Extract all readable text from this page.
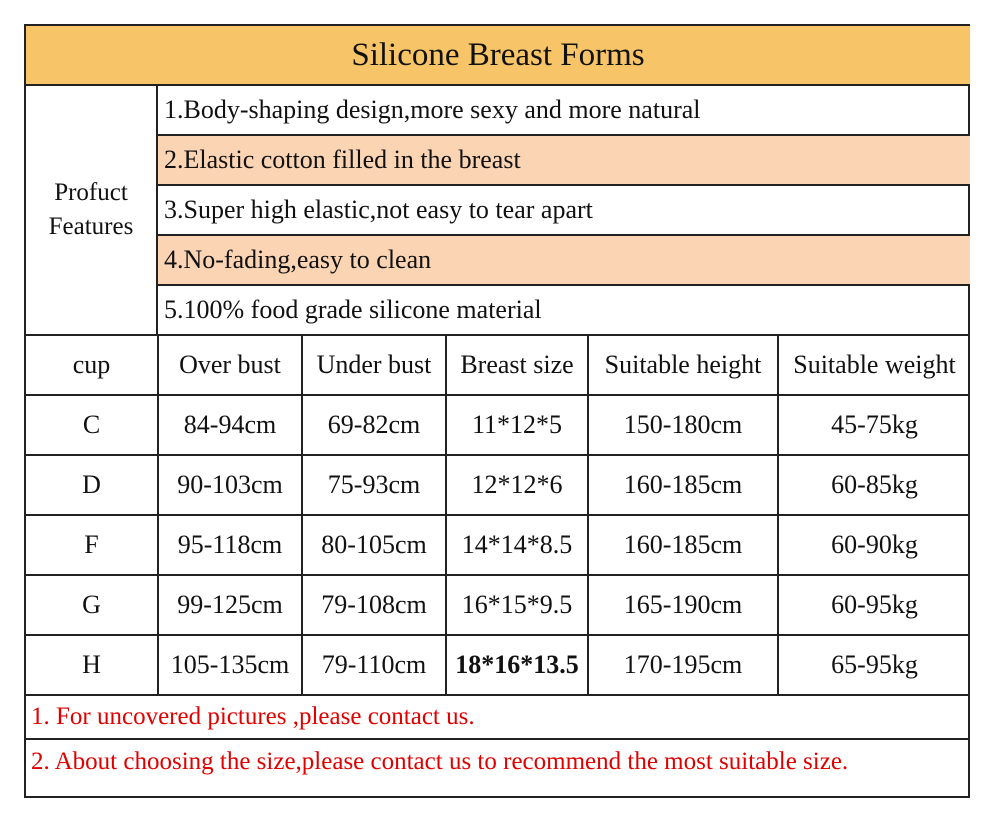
Silicone Breast Forms
Profuct
Features
1.Body-shaping design,more sexy and more natural
2.Elastic cotton filled in the breast
3.Super high elastic,not easy to tear apart
4.No-fading,easy to clean
5.100% food grade silicone material
cup	Over bust	Under bust	Breast size	Suitable height	Suitable weight
C	84-94cm	69-82cm	11*12*5	150-180cm	45-75kg
D	90-103cm	75-93cm	12*12*6	160-185cm	60-85kg
F	95-118cm	80-105cm	14*14*8.5	160-185cm	60-90kg
G	99-125cm	79-108cm	16*15*9.5	165-190cm	60-95kg
H	105-135cm	79-110cm	18*16*13.5	170-195cm	65-95kg
1. For uncovered pictures ,please contact us.
2. About choosing the size,please contact us to recommend the most suitable size.
